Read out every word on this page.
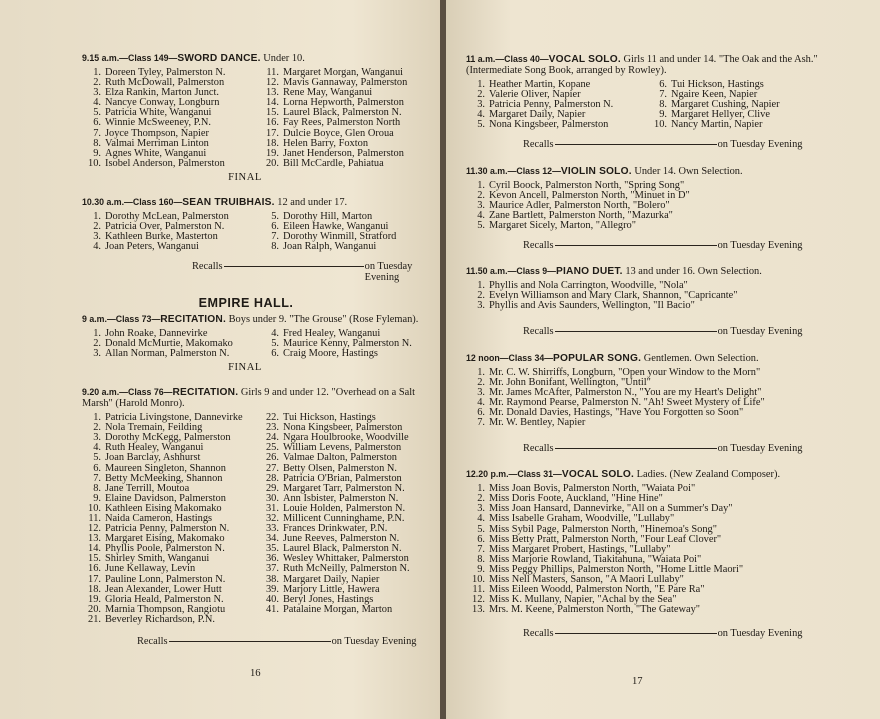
9.15 a.m.—Class 149—SWORD DANCE. Under 10.
1. Doreen Tyley, Palmerston N.
2. Ruth McDowall, Palmerston
3. Elza Rankin, Marton Junct.
4. Nancye Conway, Longburn
5. Patricia White, Wanganui
6. Winnie McSweeney, P.N.
7. Joyce Thompson, Napier
8. Valmai Merriman Linton
9. Agnes White, Wanganui
10. Isobel Anderson, Palmerston
11. Margaret Morgan, Wanganui
12. Mavis Gannaway, Palmerston
13. Rene May, Wanganui
14. Lorna Hepworth, Palmerston
15. Laurel Black, Palmerston N.
16. Fay Rees, Palmerston North
17. Dulcie Boyce, Glen Oroua
18. Helen Barry, Foxton
19. Janet Henderson, Palmerston
20. Bill McCardle, Pahiatua
FINAL
10.30 a.m.—Class 160—SEAN TRUIBHAIS. 12 and under 17.
1. Dorothy McLean, Palmerston
2. Patricia Over, Palmerston N.
3. Kathleen Burke, Masterton
4. Joan Peters, Wanganui
5. Dorothy Hill, Marton
6. Eileen Hawke, Wanganui
7. Dorothy Winmill, Stratford
8. Joan Ralph, Wanganui
Recalls	on Tuesday Evening
EMPIRE HALL.
9 a.m.—Class 73—RECITATION. Boys under 9. "The Grouse" (Rose Fyleman).
1. John Roake, Dannevirke
2. Donald McMurtie, Makomako
3. Allan Norman, Palmerston N.
4. Fred Healey, Wanganui
5. Maurice Kenny, Palmerston N.
6. Craig Moore, Hastings
FINAL
9.20 a.m.—Class 76—RECITATION. Girls 9 and under 12. "Overhead on a Salt Marsh" (Harold Monro).
1. Patricia Livingstone, Dannevirke
2. Nola Tremain, Feilding
3. Dorothy McKegg, Palmerston
4. Ruth Healey, Wanganui
5. Joan Barclay, Ashhurst
6. Maureen Singleton, Shannon
7. Betty McMeeking, Shannon
8. Jane Terrill, Moutoa
9. Elaine Davidson, Palmerston
10. Kathleen Eising Makomako
11. Naida Cameron, Hastings
12. Patricia Penny, Palmerston N.
13. Margaret Eising, Makomako
14. Phyllis Poole, Palmerston N.
15. Shirley Smith, Wanganui
16. June Kellaway, Levin
17. Pauline Lonn, Palmerston N.
18. Jean Alexander, Lower Hutt
19. Gloria Heald, Palmerston N.
20. Marnia Thompson, Rangiotu
21. Beverley Richardson, P.N.
22. Tui Hickson, Hastings
23. Nona Kingsbeer, Palmerston
24. Ngara Houlbrooke, Woodville
25. William Levens, Palmerston
26. Valmae Dalton, Palmerston
27. Betty Olsen, Palmerston N.
28. Patricia O'Brian, Palmerston
29. Margaret Tarr, Palmerston N.
30. Ann Isbister, Palmerston N.
31. Louie Holden, Palmerston N.
32. Millicent Cunninghame, P.N.
33. Frances Drinkwater, P.N.
34. June Reeves, Palmerston N.
35. Laurel Black, Palmerston N.
36. Wesley Whittaker, Palmerston
37. Ruth McNeilly, Palmerston N.
38. Margaret Daily, Napier
39. Marjory Little, Hawera
40. Beryl Jones, Hastings
41. Patalaine Morgan, Marton
Recalls	on Tuesday Evening
16
11 a.m.—Class 40—VOCAL SOLO. Girls 11 and under 14. "The Oak and the Ash." (Intermediate Song Book, arranged by Rowley).
1. Heather Martin, Kopane
2. Valerie Oliver, Napier
3. Patricia Penny, Palmerston N.
4. Margaret Daily, Napier
5. Nona Kingsbeer, Palmerston
6. Tui Hickson, Hastings
7. Ngaire Keen, Napier
8. Margaret Cushing, Napier
9. Margaret Hellyer, Clive
10. Nancy Martin, Napier
Recalls	on Tuesday Evening
11.30 a.m.—Class 12—VIOLIN SOLO. Under 14. Own Selection.
1. Cyril Boock, Palmerston North, "Spring Song"
2. Kevon Ancell, Palmerston North, "Minuet in D"
3. Maurice Adler, Palmerston North, "Bolero"
4. Zane Bartlett, Palmerston North, "Mazurka"
5. Margaret Sicely, Marton, "Allegro"
Recalls	on Tuesday Evening
11.50 a.m.—Class 9—PIANO DUET. 13 and under 16. Own Selection.
1. Phyllis and Nola Carrington, Woodville, "Nola"
2. Evelyn Williamson and Mary Clark, Shannon, "Capricante"
3. Phyllis and Avis Saunders, Wellington, "Il Bacio"
Recalls	on Tuesday Evening
12 noon—Class 34—POPULAR SONG. Gentlemen. Own Selection.
1. Mr. C. W. Shirriffs, Longburn, "Open your Window to the Morn"
2. Mr. John Bonifant, Wellington, "Until"
3. Mr. James McAfter, Palmerston N., "You are my Heart's Delight"
4. Mr. Raymond Pearse, Palmerston N. "Ah! Sweet Mystery of Life"
6. Mr. Donald Davies, Hastings, "Have You Forgotten so Soon"
7. Mr. W. Bentley, Napier
Recalls	on Tuesday Evening
12.20 p.m.—Class 31—VOCAL SOLO. Ladies. (New Zealand Composer).
1. Miss Joan Bovis, Palmerston North, "Waiata Poi"
2. Miss Doris Foote, Auckland, "Hine Hine"
3. Miss Joan Hansard, Dannevirke, "All on a Summer's Day"
4. Miss Isabelle Graham, Woodville, "Lullaby"
5. Miss Sybil Page, Palmerston North, "Hinemoa's Song"
6. Miss Betty Pratt, Palmerston North, "Four Leaf Clover"
7. Miss Margaret Probert, Hastings, "Lullaby"
8. Miss Marjorie Rowland, Tiakitahuna, "Waiata Poi"
9. Miss Peggy Phillips, Palmerston North, "Home Little Maori"
10. Miss Nell Masters, Sanson, "A Maori Lullaby"
11. Miss Eileen Woodd, Palmerston North, "E Pare Ra"
12. Miss K. Mullany, Napier, "Achal by the Sea"
13. Mrs. M. Keene, Palmerston North, "The Gateway"
Recalls	on Tuesday Evening
17
